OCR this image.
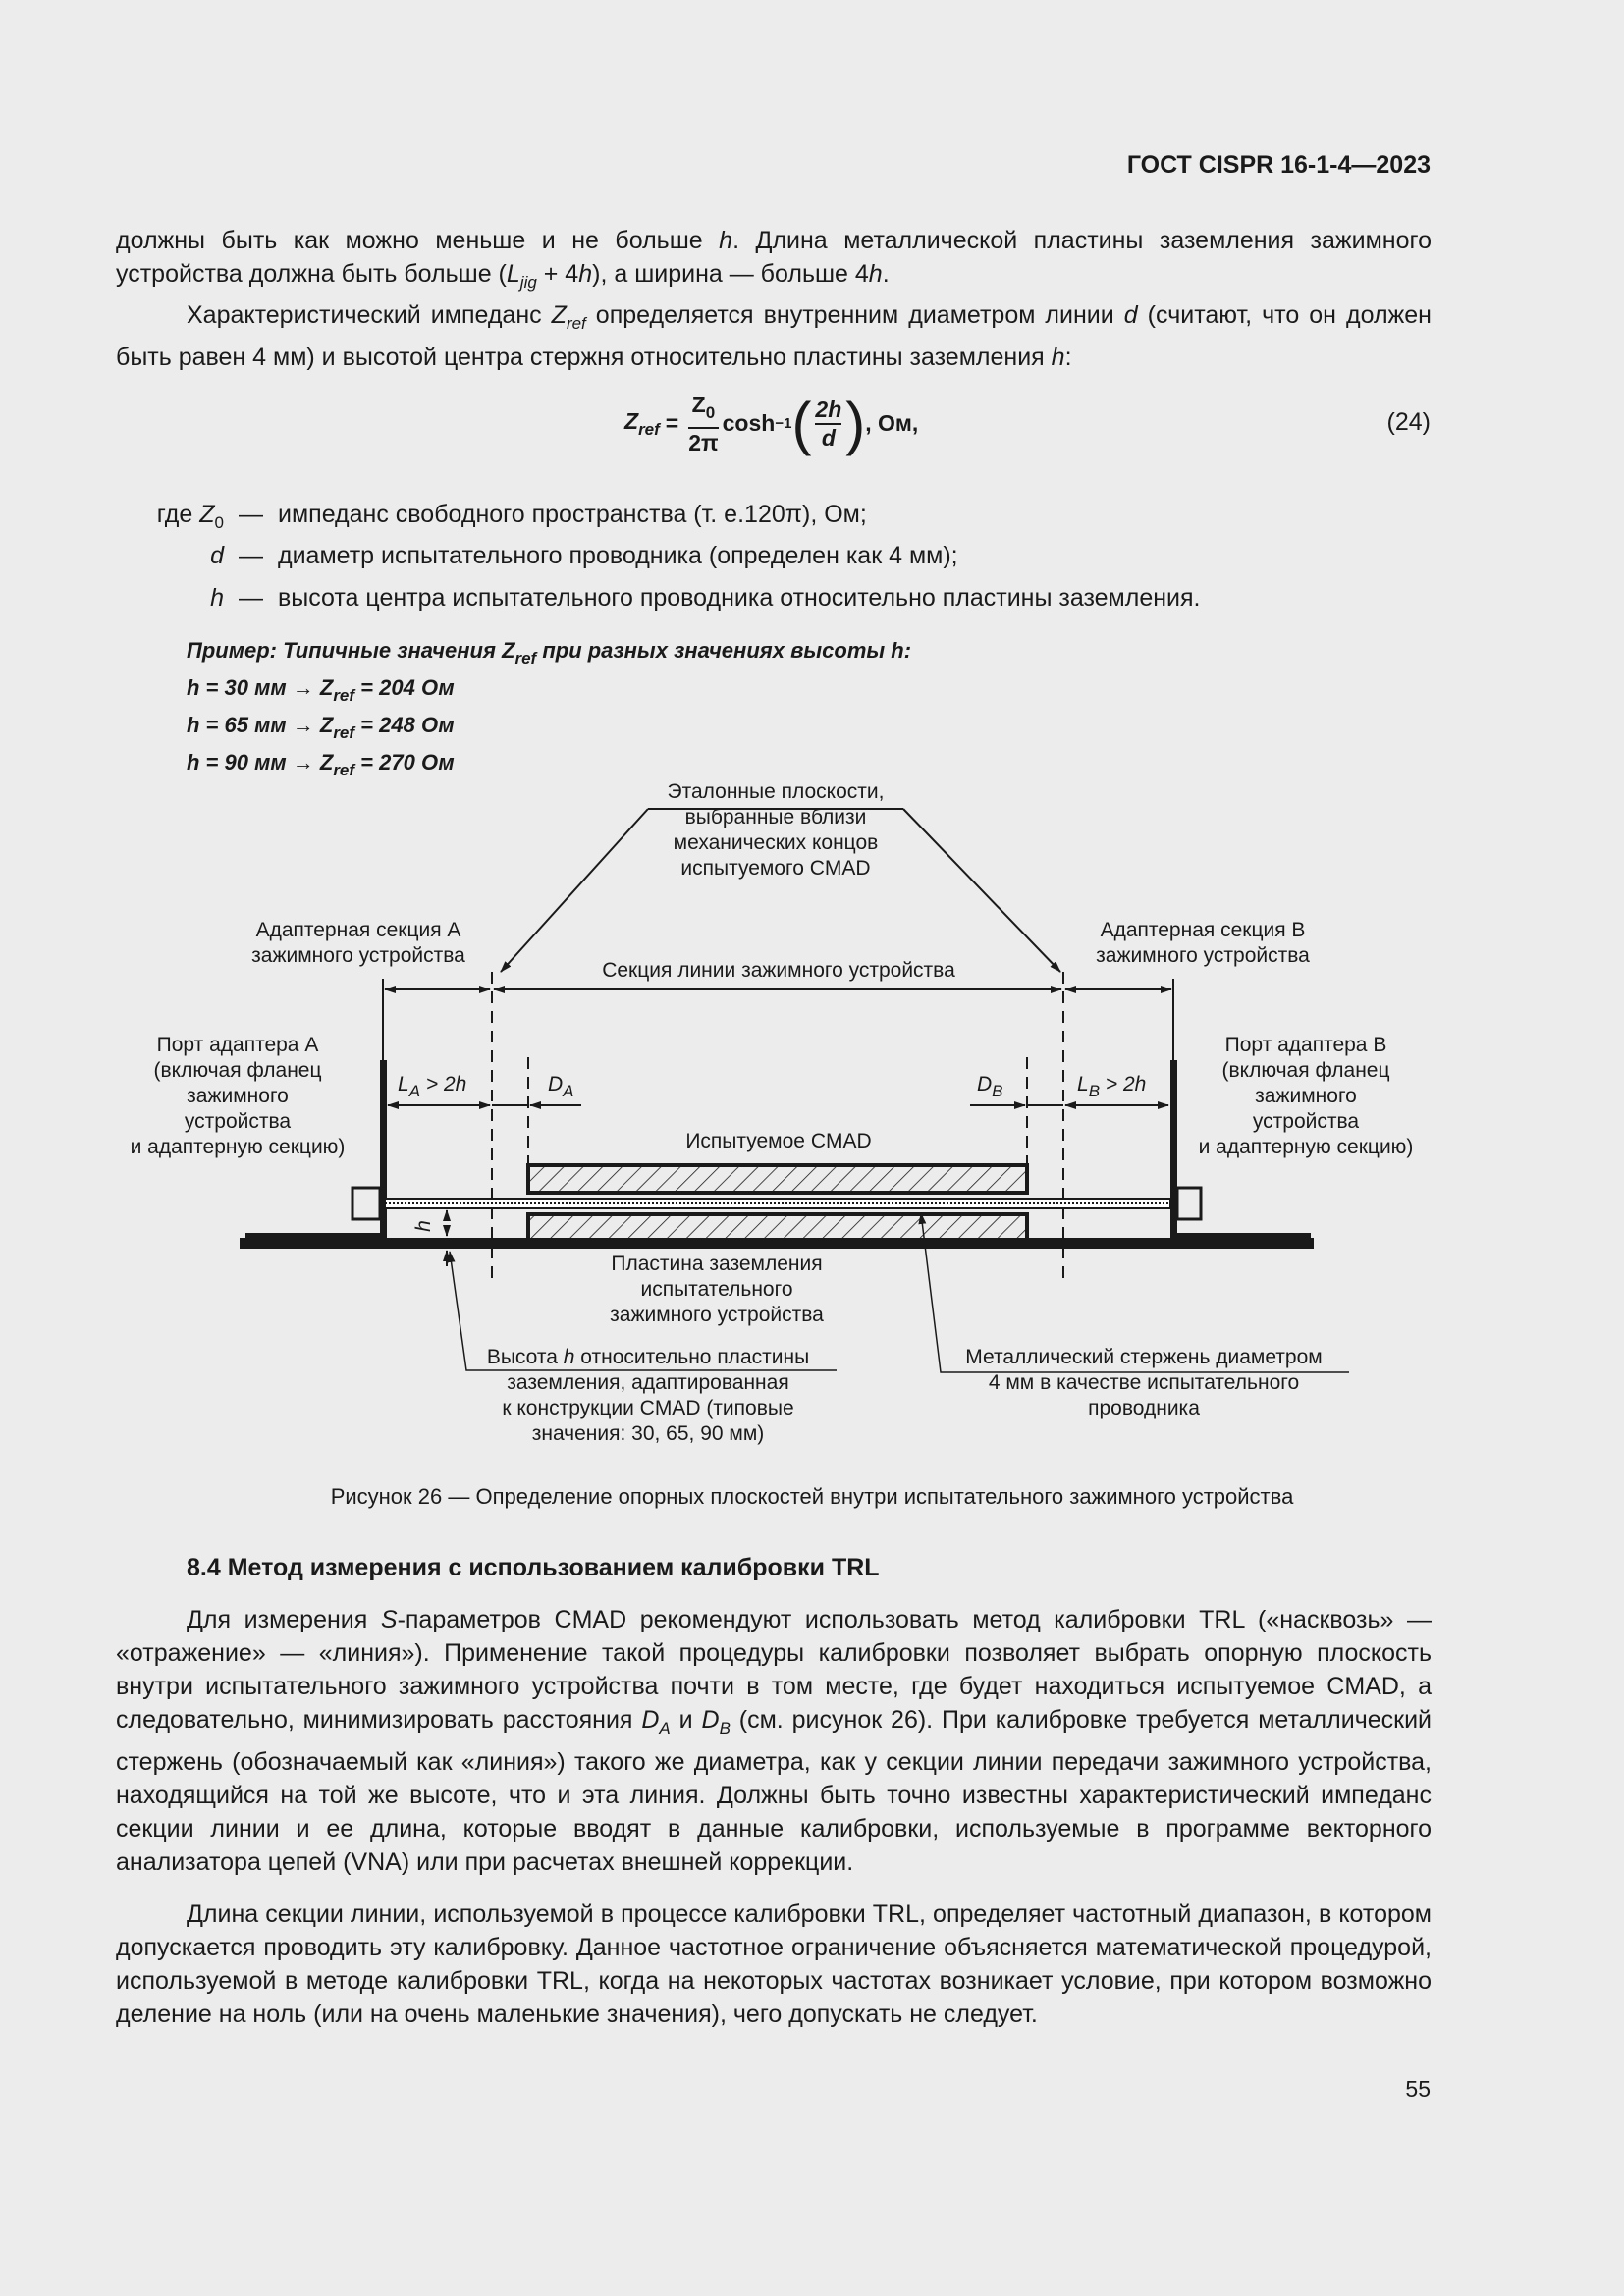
ГОСТ CISPR 16-1-4—2023
должны быть как можно меньше и не больше h. Длина металлической пластины заземления зажимного устройства должна быть больше $(L_{jig} + 4h)$, а ширина — больше 4h.
Характеристический импеданс $Z_{ref}$ определяется внутренним диаметром линии d (считают, что он должен быть равен 4 мм) и высотой центра стержня относительно пластины заземления h:
$Z_{ref} = \frac{Z_0}{2\pi}$ cosh −1 ( $\frac{2h}{d}$ ) , Ом,	(24)
где $Z_0$ — импеданс свободного пространства (т. е.120π), Ом;
d — диаметр испытательного проводника (определен как 4 мм);
h — высота центра испытательного проводника относительно пластины заземления.
Пример: Типичные значения $Z_{ref}$ при разных значениях высоты h:
h = 30 мм → $Z_{ref} = 204$ Ом
h = 65 мм → $Z_{ref} = 248$ Ом
h = 90 мм → $Z_{ref} = 270$ Ом
Эталонные плоскости,
выбранные вблизи
механических концов
испытуемого CMAD
Адаптерная секция А
зажимного устройства
Адаптерная секция В
зажимного устройства
Секция линии зажимного устройства
Порт адаптера А
(включая фланец
зажимного
устройства
и адаптерную секцию)
Порт адаптера В
(включая фланец
зажимного
устройства
и адаптерную секцию)
$L_A > 2h$	$D_A$	$D_B$	$L_B > 2h$
Испытуемое CMAD
h
Пластина заземления
испытательного
зажимного устройства
Высота h относительно пластины
заземления, адаптированная
к конструкции CMAD (типовые
значения: 30, 65, 90 мм)
Металлический стержень диаметром
4 мм в качестве испытательного
проводника
Рисунок 26 — Определение опорных плоскостей внутри испытательного зажимного устройства
8.4 Метод измерения с использованием калибровки TRL
Для измерения S-параметров CMAD рекомендуют использовать метод калибровки TRL («насквозь» — «отражение» — «линия»). Применение такой процедуры калибровки позволяет выбрать опорную плоскость внутри испытательного зажимного устройства почти в том месте, где будет находиться испытуемое CMAD, а следовательно, минимизировать расстояния $D_A$ и $D_B$ (см. рисунок 26). При калибровке требуется металлический стержень (обозначаемый как «линия») такого же диаметра, как у секции линии передачи зажимного устройства, находящийся на той же высоте, что и эта линия. Должны быть точно известны характеристический импеданс секции линии и ее длина, которые вводят в данные калибровки, используемые в программе векторного анализатора цепей (VNA) или при расчетах внешней коррекции.
Длина секции линии, используемой в процессе калибровки TRL, определяет частотный диапазон, в котором допускается проводить эту калибровку. Данное частотное ограничение объясняется математической процедурой, используемой в методе калибровки TRL, когда на некоторых частотах возникает условие, при котором возможно деление на ноль (или на очень маленькие значения), чего допускать не следует.
55
